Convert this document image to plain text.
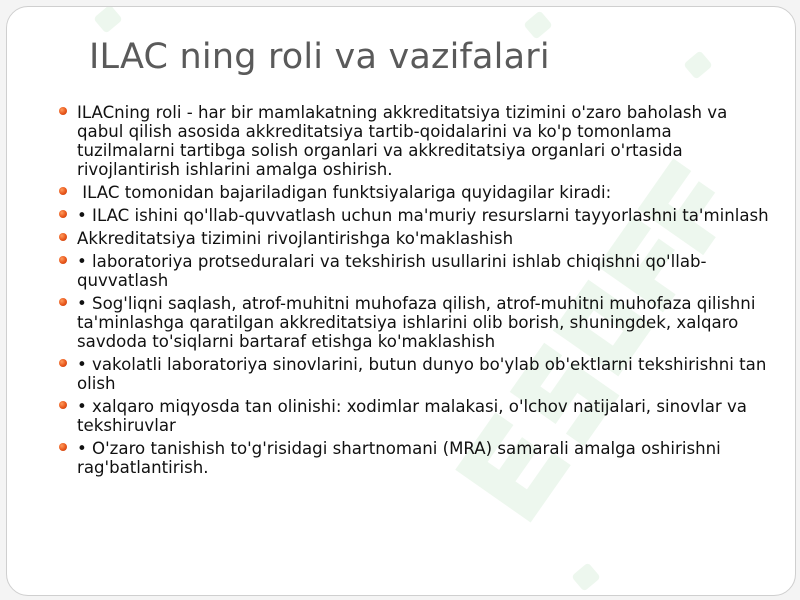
ILAC ning roli va vazifalari
ILACning roli - har bir mamlakatning akkreditatsiya tizimini o'zaro baholash va qabul qilish asosida akkreditatsiya tartib-qoidalarini va ko'p tomonlama tuzilmalarni tartibga solish organlari va akkreditatsiya organlari o'rtasida rivojlantirish ishlarini amalga oshirish.
ILAC tomonidan bajariladigan funktsiyalariga quyidagilar kiradi:
• ILAC ishini qo'llab-quvvatlash uchun ma'muriy resurslarni tayyorlashni ta'minlash
Akkreditatsiya tizimini rivojlantirishga ko'maklashish
• laboratoriya protseduralari va tekshirish usullarini ishlab chiqishni qo'llab-quvvatlash
• Sog'liqni saqlash, atrof-muhitni muhofaza qilish, atrof-muhitni muhofaza qilishni ta'minlashga qaratilgan akkreditatsiya ishlarini olib borish, shuningdek, xalqaro savdoda to'siqlarni bartaraf etishga ko'maklashish
• vakolatli laboratoriya sinovlarini, butun dunyo bo'ylab ob'ektlarni tekshirishni tan olish
• xalqaro miqyosda tan olinishi: xodimlar malakasi, o'lchov natijalari, sinovlar va tekshiruvlar
• O'zaro tanishish to'g'risidagi shartnomani (MRA) samarali amalga oshirishni rag'batlantirish.
